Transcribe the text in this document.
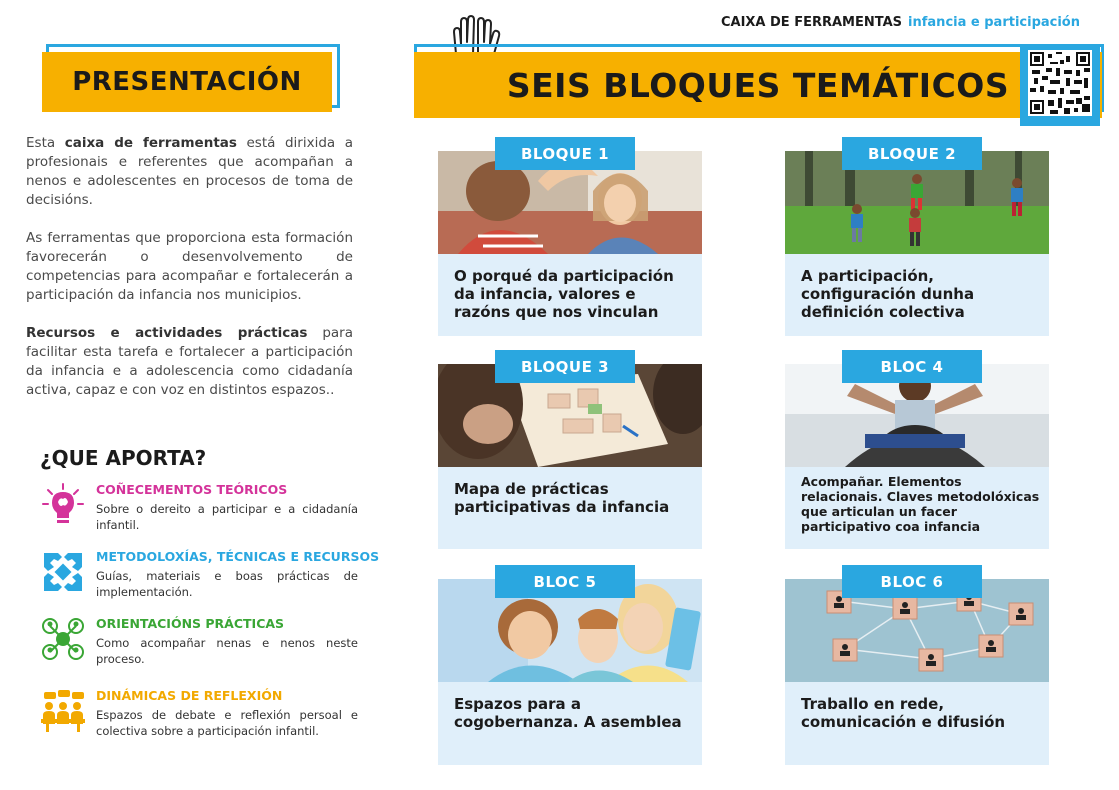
CAIXA DE FERRAMENTAS infancia e participación
PRESENTACIÓN	SEIS BLOQUES TEMÁTICOS
Esta caixa de ferramentas está dirixida a profesionais e referentes que acompañan a nenos e adolescentes en procesos de toma de decisións.
As ferramentas que proporciona esta formación favorecerán o desenvolvemento de competencias para acompañar e fortalecerán a participación da infancia nos municipios.
Recursos e actividades prácticas para facilitar esta tarefa e fortalecer a participación da infancia e a adolescencia como cidadanía activa, capaz e con voz en distintos espazos..
¿QUE APORTA?
COÑECEMENTOS TEÓRICOS
Sobre o dereito a participar e a cidadanía infantil.
METODOLOXÍAS, TÉCNICAS E RECURSOS
Guías, materiais e boas prácticas de implementación.
ORIENTACIÓNS PRÁCTICAS
Como acompañar nenas e nenos neste proceso.
DINÁMICAS DE REFLEXIÓN
Espazos de debate e reflexión persoal e colectiva sobre a participación infantil.
BLOQUE 1
O porqué da participación da infancia, valores e razóns que nos vinculan
BLOQUE 2
A participación, configuración dunha definición colectiva
BLOQUE 3
Mapa de prácticas participativas da infancia
BLOC 4
Acompañar. Elementos relacionais. Claves metodolóxicas que articulan un facer participativo coa infancia
BLOC 5
Espazos para a cogobernanza. A asemblea
BLOC 6
Traballo en rede, comunicación e difusión
